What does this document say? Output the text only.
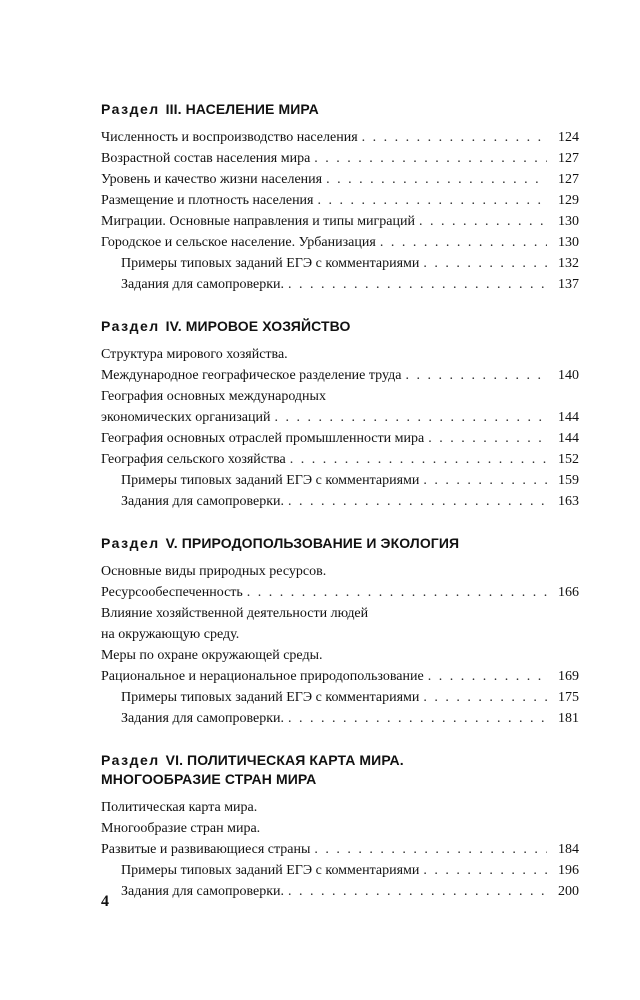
Раздел III. НАСЕЛЕНИЕ МИРА
Численность и воспроизводство населения . . .	124
Возрастной состав населения мира . . .	127
Уровень и качество жизни населения . . .	127
Размещение и плотность населения . . .	129
Миграции. Основные направления и типы миграций . . .	130
Городское и сельское население. Урбанизация . . .	130
Примеры типовых заданий ЕГЭ с комментариями . . .	132
Задания для самопроверки. . . .	137
Раздел IV. МИРОВОЕ ХОЗЯЙСТВО
Структура мирового хозяйства.
Международное географическое разделение труда . . .	140
География основных международных
экономических организаций . . .	144
География основных отраслей промышленности мира . . .	144
География сельского хозяйства . . .	152
Примеры типовых заданий ЕГЭ с комментариями . . .	159
Задания для самопроверки. . . .	163
Раздел V. ПРИРОДОПОЛЬЗОВАНИЕ И ЭКОЛОГИЯ
Основные виды природных ресурсов.
Ресурсообеспеченность . . .	166
Влияние хозяйственной деятельности людей
на окружающую среду.
Меры по охране окружающей среды.
Рациональное и нерациональное природопользование . . .	169
Примеры типовых заданий ЕГЭ с комментариями . . .	175
Задания для самопроверки. . . .	181
Раздел VI. ПОЛИТИЧЕСКАЯ КАРТА МИРА.
МНОГООБРАЗИЕ СТРАН МИРА
Политическая карта мира.
Многообразие стран мира.
Развитые и развивающиеся страны . . .	184
Примеры типовых заданий ЕГЭ с комментариями . . .	196
Задания для самопроверки. . . .	200
4
